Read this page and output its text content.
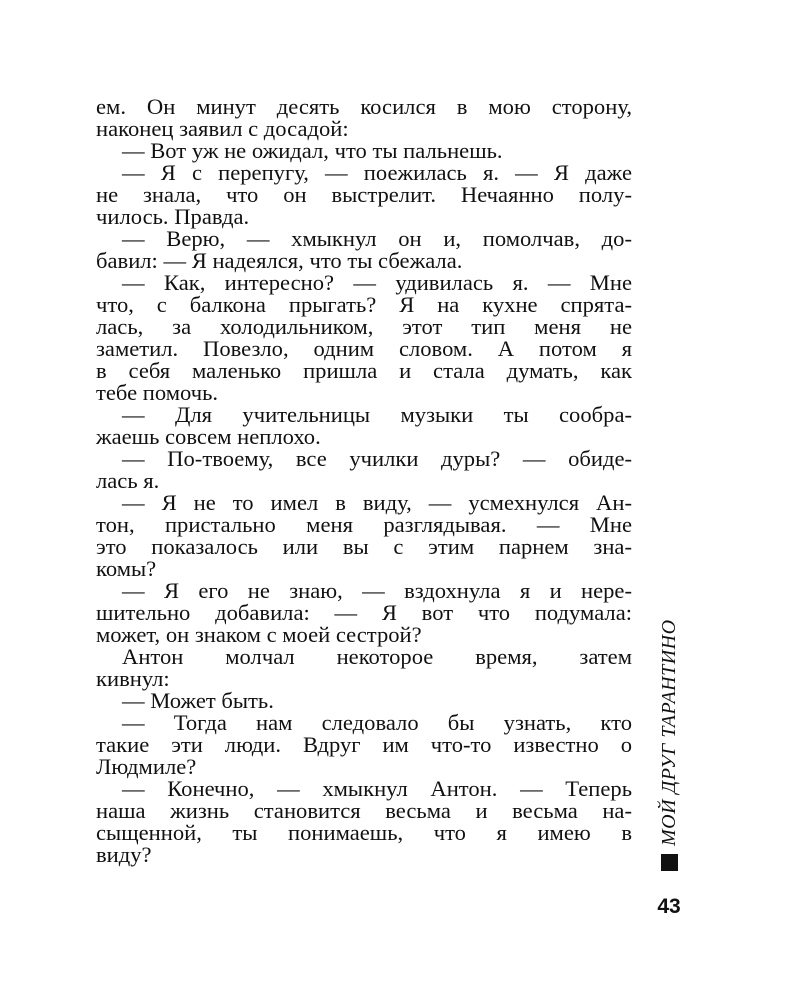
ем. Он минут десять косился в мою сторону,
наконец заявил с досадой:
— Вот уж не ожидал, что ты пальнешь.
— Я с перепугу, — поежилась я. — Я даже
не знала, что он выстрелит. Нечаянно полу-
чилось. Правда.
— Верю, — хмыкнул он и, помолчав, до-
бавил: — Я надеялся, что ты сбежала.
— Как, интересно? — удивилась я. — Мне
что, с балкона прыгать? Я на кухне спрята-
лась, за холодильником, этот тип меня не
заметил. Повезло, одним словом. А потом я
в себя маленько пришла и стала думать, как
тебе помочь.
— Для учительницы музыки ты сообра-
жаешь совсем неплохо.
— По-твоему, все училки дуры? — обиде-
лась я.
— Я не то имел в виду, — усмехнулся Ан-
тон, пристально меня разглядывая. — Мне
это показалось или вы с этим парнем зна-
комы?
— Я его не знаю, — вздохнула я и нере-
шительно добавила: — Я вот что подумала:
может, он знаком с моей сестрой?
Антон молчал некоторое время, затем
кивнул:
— Может быть.
— Тогда нам следовало бы узнать, кто
такие эти люди. Вдруг им что-то известно о
Людмиле?
— Конечно, — хмыкнул Антон. — Теперь
наша жизнь становится весьма и весьма на-
сыщенной, ты понимаешь, что я имею в
виду?
МОЙ ДРУГ ТАРАНТИНО
43
